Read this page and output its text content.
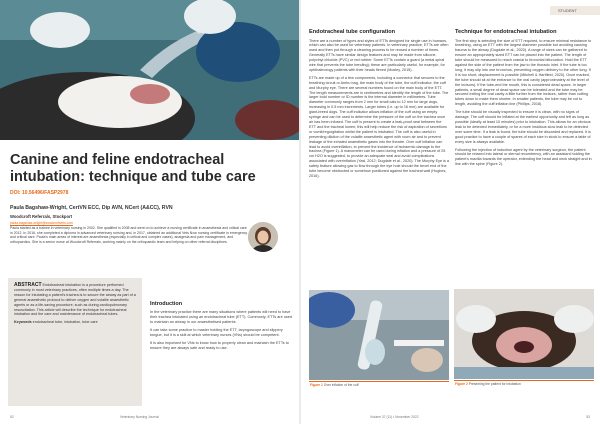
Canine and feline endotracheal intubation: technique and tube care
DOI: 10.56496/FASP2978
Paula Bagshaw-Wright, CertVN ECC, Dip AVN, NCert (A&CC), RVN
Woodcroft Referrals, Stockport
paula.bagshaw-wright@woodcroftvets.com

Paula started as a trainee in veterinary nursing in 2002. She qualified in 2008 and went on to achieve a nursing certificate in anaesthesia and critical care in 2012. In 2016, she completed a diploma in advanced veterinary nursing and, in 2017, obtained an additional Vets Now nursing certificate in emergency and critical care. Paula's main areas of interest are anaesthesia (especially in critical and complex cases), analgesia and pain management, and orthopaedics. She is a senior nurse at Woodcroft Referrals, working mainly on the orthopaedic team and helping on other referral disciplines.

ABSTRACT Endotracheal intubation is a procedure performed commonly in most veterinary practices, often multiple times a day. The reason for intubating a patient's trachea is to secure the airway as part of a general anaesthetic protocol to deliver oxygen and volatile anaesthetic agents or as a life-saving procedure, such as during cardiopulmonary resuscitation. This article will describe the technique for endotracheal intubation and the care and maintenance of endotracheal tubes.

Keywords endotracheal tube, intubation, tube care

Introduction

In the veterinary practice there are many situations where patients will need to have their trachea intubated using an endotracheal tube (ETT). Commonly, ETTs are used to maintain an airway in our anaesthetised patients.

It can take some practice to master holding the ETT, laryngoscope and slippery tongue, but it is a skill at which veterinary nurses (VNs) should be competent.

It is also important for VNs to know how to properly clean and maintain the ETTs to ensure they are always safe and ready to use.

52	Veterinary Nursing Journal
STUDENT
Endotracheal tube configuration

There are a number of types and styles of ETTs designed for single use in humans, which can also be used for veterinary patients. In veterinary practice, ETTs are often used and then put through a cleaning process to be reused a number of times. Generally ETTs have similar design features and may be made from silicone, polyvinyl chloride (PVC) or red rubber. Some ETTs contain a guard (a metal spiral wire that prevents the tube bending); these are particularly useful, for example, for ophthalmology patients with their heads flexed (Mosley, 2015).

ETTs are made up of a few components, including a connector that secures to the breathing circuit or Ambu bag, the main body of the tube, the cuff indicator, the cuff and Murphy eye. There are several numbers found on the main body of the ETT. The length measurements are in centimetres and identify the length of the tube. The larger bold number or ID number is the internal diameter in millimetres. Tube diameter commonly ranges from 2 mm for small cats to 12 mm for large dogs, increasing in 0.5 mm increments. Larger tubes (i.e. up to 16 mm) are available for giant-breed dogs. The cuff indicator allows inflation of the cuff using an empty syringe and can be used to determine the pressure of the cuff on the trachea once air has been infused. The cuff is present to create a leak-proof seal between the ETT and the tracheal lumen; this will help reduce the risk of aspiration of secretions or vomit/regurgitation whilst the patient is intubated. The cuff is also useful in preventing dilution of the volatile anaesthetic agent with room air and to prevent leakage of the exhaled anaesthetic gases into the theatre. Over cuff inflation can lead to avoid overinflation, to prevent the incidence of ischaemic damage to the trachea (Figure 1). A manometer can be used during inflation and a pressure of 25 cm H2O is suggested, to provide an adequate seal and avoid complications associated with overinflation (Yasi, 2012; Dugdale et al., 2020). The Murphy Eye is a safety feature allowing gas to flow through the eye hole should the bevel end of the tube become obstructed or somehow positioned against the tracheal wall (Hughes, 2016).

Technique for endotracheal intubation

The first step is selecting the size of ETT required, to ensure minimal resistance to breathing, using an ETT with the largest diameter possible but avoiding causing trauma to the airway (Dugdale et al., 2020). A range of sizes can be gathered to ensure an appropriately sized ETT can be placed into the patient. The length of tube should be measured to reach cranial to bronchial bifurcation. Hold the ETT against the side of the patient from the jaw to the thoracic inlet. If the tube is too long, it may slip into one bronchus, preventing oxygen delivery to the other lung. If it is too short, displacement is possible (Mitchell & Hartfield, 2020). Once marked, the tube should sit at the entrance to the oral cavity (approximately at the level of the incisors). If the tube-end the mouth, this is considered dead space. In larger patients, a small degree of dead space can be tolerated and the tube may be secured exiting the oral cavity a little further from the incisors, rather than cutting tubes down to make them shorter. In smaller patients, the tube may be cut to length, avoiding the cuff inflation line (Phillips, 2018).

The tube should be visually inspected to ensure it is clean, with no signs of damage. The cuff should be inflated at the earliest opportunity and left as long as possible (ideally at least 10 minutes) prior to intubation. This allows for an obvious leak to be detected immediately, or for a more insidious slow leak to be detected over some time. If a leak is found, the tube should be discarded and replaced. It is good practice to have a couple of spares of each size in stock to ensure a table of every size is always available.

Following the injection of induction agent by the veterinary surgeon, the patient should be relaxed into lateral or sternal recumbency, with an assistant holding the patient's maxilla towards the operator, extending the head and neck straight and in line with the spine (Figure 2).

Figure 1 Over inflation of the cuff	Figure 2 Presenting the patient for intubation
Volume 37 (11) • November 2022	53
